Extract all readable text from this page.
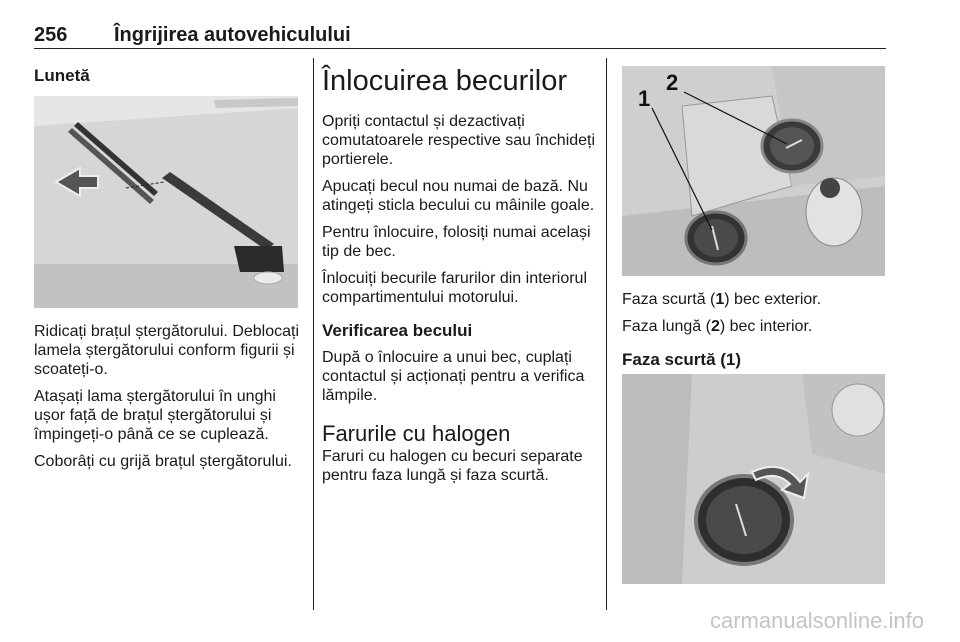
256 Îngrijirea autovehiculului
Lunetă

Ridicați brațul ștergătorului. Deblocați lamela ștergătorului conform figurii și scoateți-o.

Atașați lama ștergătorului în unghi ușor față de brațul ștergătorului și împingeți-o până ce se cuplează.

Coborâți cu grijă brațul ștergătorului.

Înlocuirea becurilor

Opriți contactul și dezactivați comutatoarele respective sau închideți portierele.

Apucați becul nou numai de bază. Nu atingeți sticla becului cu mâinile goale.

Pentru înlocuire, folosiți numai același tip de bec.

Înlocuiți becurile farurilor din interiorul compartimentului motorului.

Verificarea becului

După o înlocuire a unui bec, cuplați contactul și acționați pentru a verifica lămpile.

Farurile cu halogen

Faruri cu halogen cu becuri separate pentru faza lungă și faza scurtă.

1
2

Faza scurtă (1) bec exterior.

Faza lungă (2) bec interior.

Faza scurtă (1)
carmanualsonline.info
